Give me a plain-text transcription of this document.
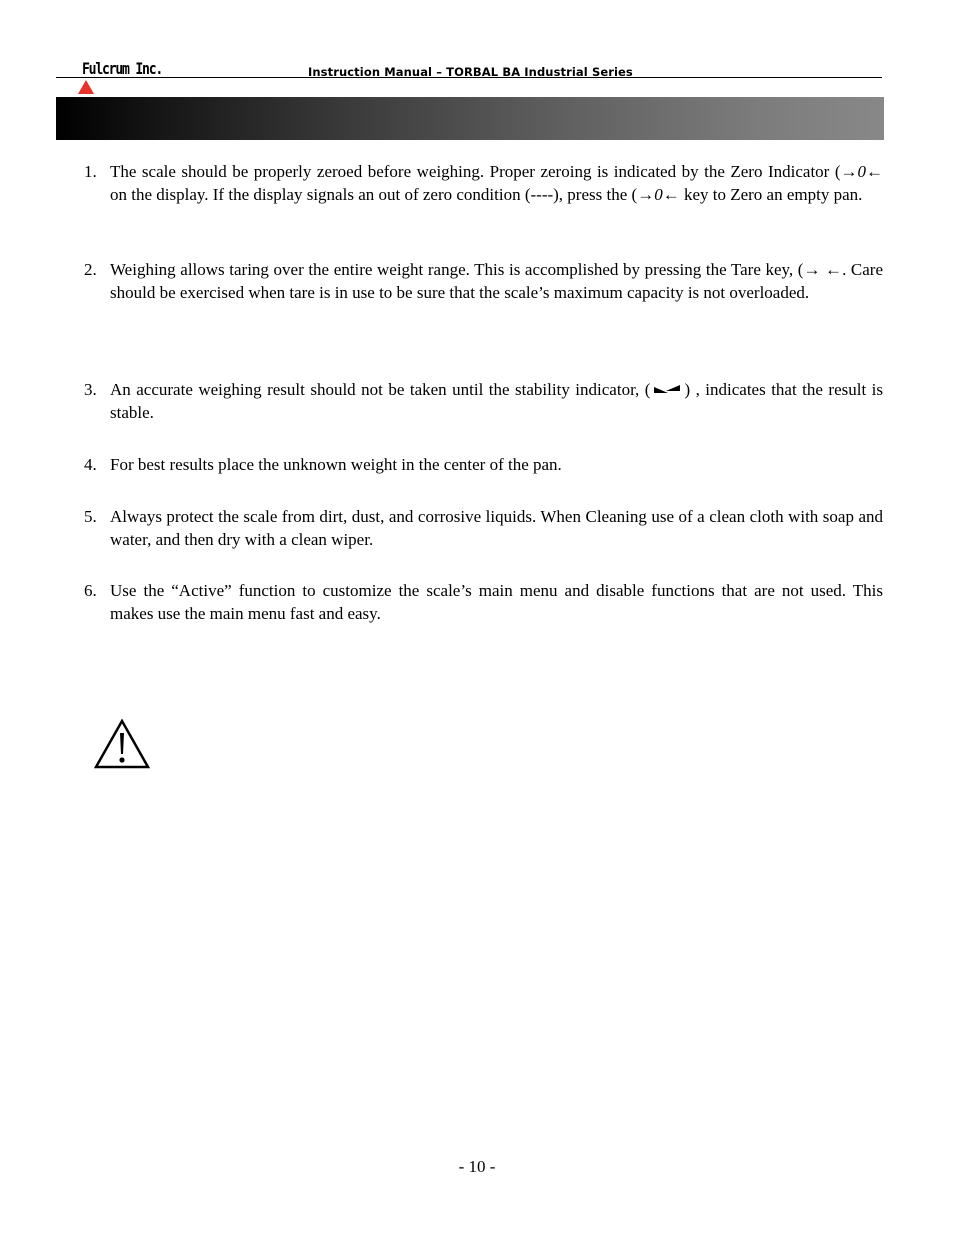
Fulcrum Inc.	Instruction Manual – TORBAL BA Industrial Series
1. The scale should be properly zeroed before weighing. Proper zeroing is indicated by the Zero Indicator (→0← on the display. If the display signals an out of zero condition (----), press the (→0← key to Zero an empty pan.
2. Weighing allows taring over the entire weight range. This is accomplished by pressing the Tare key, (→ ←. Care should be exercised when tare is in use to be sure that the scale’s maximum capacity is not overloaded.
3. An accurate weighing result should not be taken until the stability indicator, ( ) , indicates that the result is stable.
4. For best results place the unknown weight in the center of the pan.
5. Always protect the scale from dirt, dust, and corrosive liquids. When Cleaning use of a clean cloth with soap and water, and then dry with a clean wiper.
6. Use the “Active” function to customize the scale’s main menu and disable functions that are not used. This makes use the main menu fast and easy.
- 10 -
